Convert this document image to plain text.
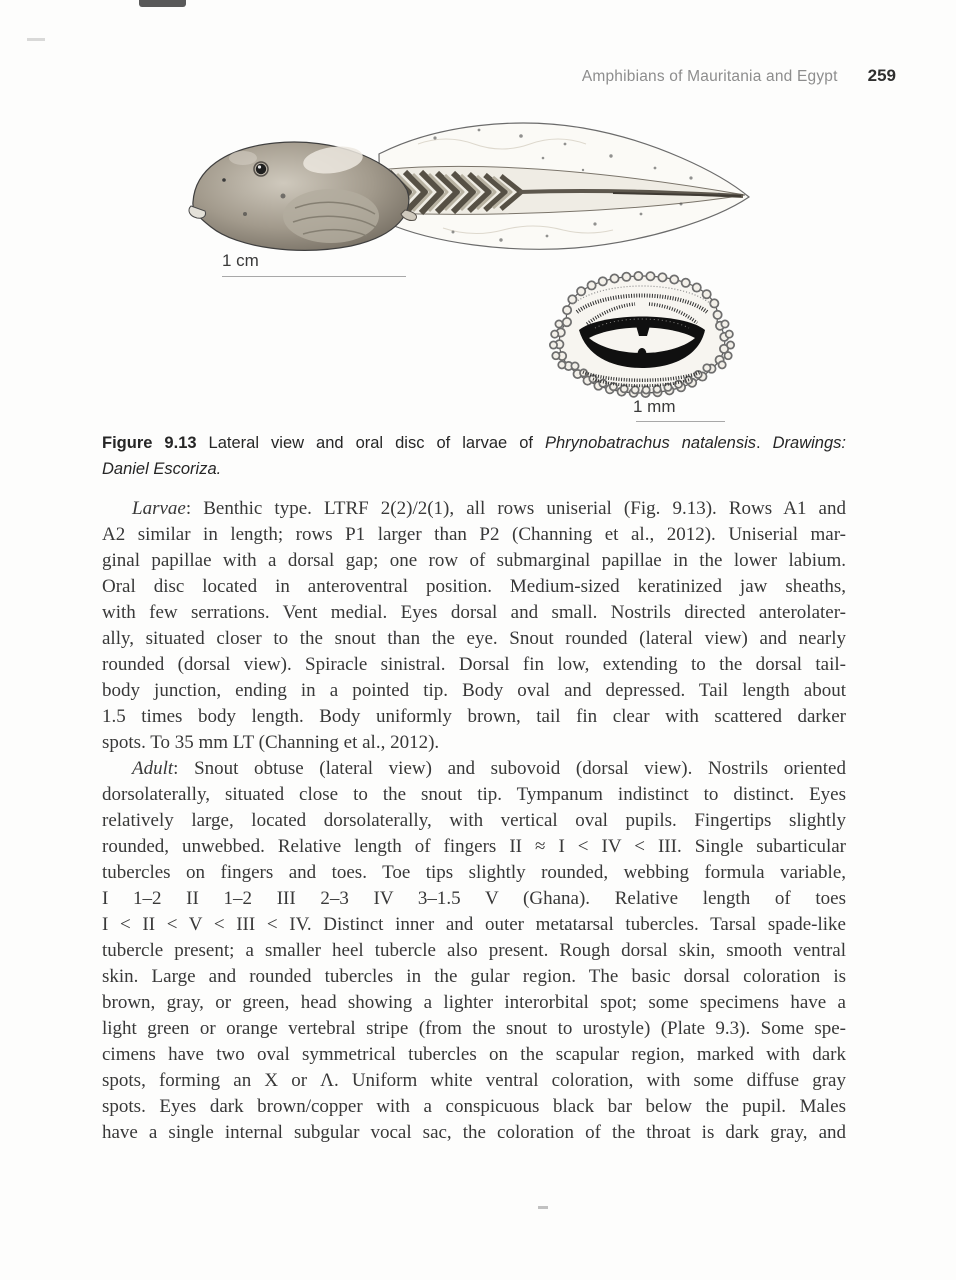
Amphibians of Mauritania and Egypt 259
1 cm
1 mm
Figure 9.13 Lateral view and oral disc of larvae of Phrynobatrachus natalensis. Drawings:
Daniel Escoriza.
Larvae: Benthic type. LTRF 2(2)/2(1), all rows uniserial (Fig. 9.13). Rows A1 and
A2 similar in length; rows P1 larger than P2 (Channing et al., 2012). Uniserial mar-
ginal papillae with a dorsal gap; one row of submarginal papillae in the lower labium.
Oral disc located in anteroventral position. Medium-sized keratinized jaw sheaths,
with few serrations. Vent medial. Eyes dorsal and small. Nostrils directed anterolater-
ally, situated closer to the snout than the eye. Snout rounded (lateral view) and nearly
rounded (dorsal view). Spiracle sinistral. Dorsal fin low, extending to the dorsal tail-
body junction, ending in a pointed tip. Body oval and depressed. Tail length about
1.5 times body length. Body uniformly brown, tail fin clear with scattered darker
spots. To 35 mm LT (Channing et al., 2012).
Adult: Snout obtuse (lateral view) and subovoid (dorsal view). Nostrils oriented
dorsolaterally, situated close to the snout tip. Tympanum indistinct to distinct. Eyes
relatively large, located dorsolaterally, with vertical oval pupils. Fingertips slightly
rounded, unwebbed. Relative length of fingers II ≈ I < IV < III. Single subarticular
tubercles on fingers and toes. Toe tips slightly rounded, webbing formula variable,
I 1–2 II 1–2 III 2–3 IV 3–1.5 V (Ghana). Relative length of toes
I < II < V < III < IV. Distinct inner and outer metatarsal tubercles. Tarsal spade-like
tubercle present; a smaller heel tubercle also present. Rough dorsal skin, smooth ventral
skin. Large and rounded tubercles in the gular region. The basic dorsal coloration is
brown, gray, or green, head showing a lighter interorbital spot; some specimens have a
light green or orange vertebral stripe (from the snout to urostyle) (Plate 9.3). Some spe-
cimens have two oval symmetrical tubercles on the scapular region, marked with dark
spots, forming an X or Λ. Uniform white ventral coloration, with some diffuse gray
spots. Eyes dark brown/copper with a conspicuous black bar below the pupil. Males
have a single internal subgular vocal sac, the coloration of the throat is dark gray, and
